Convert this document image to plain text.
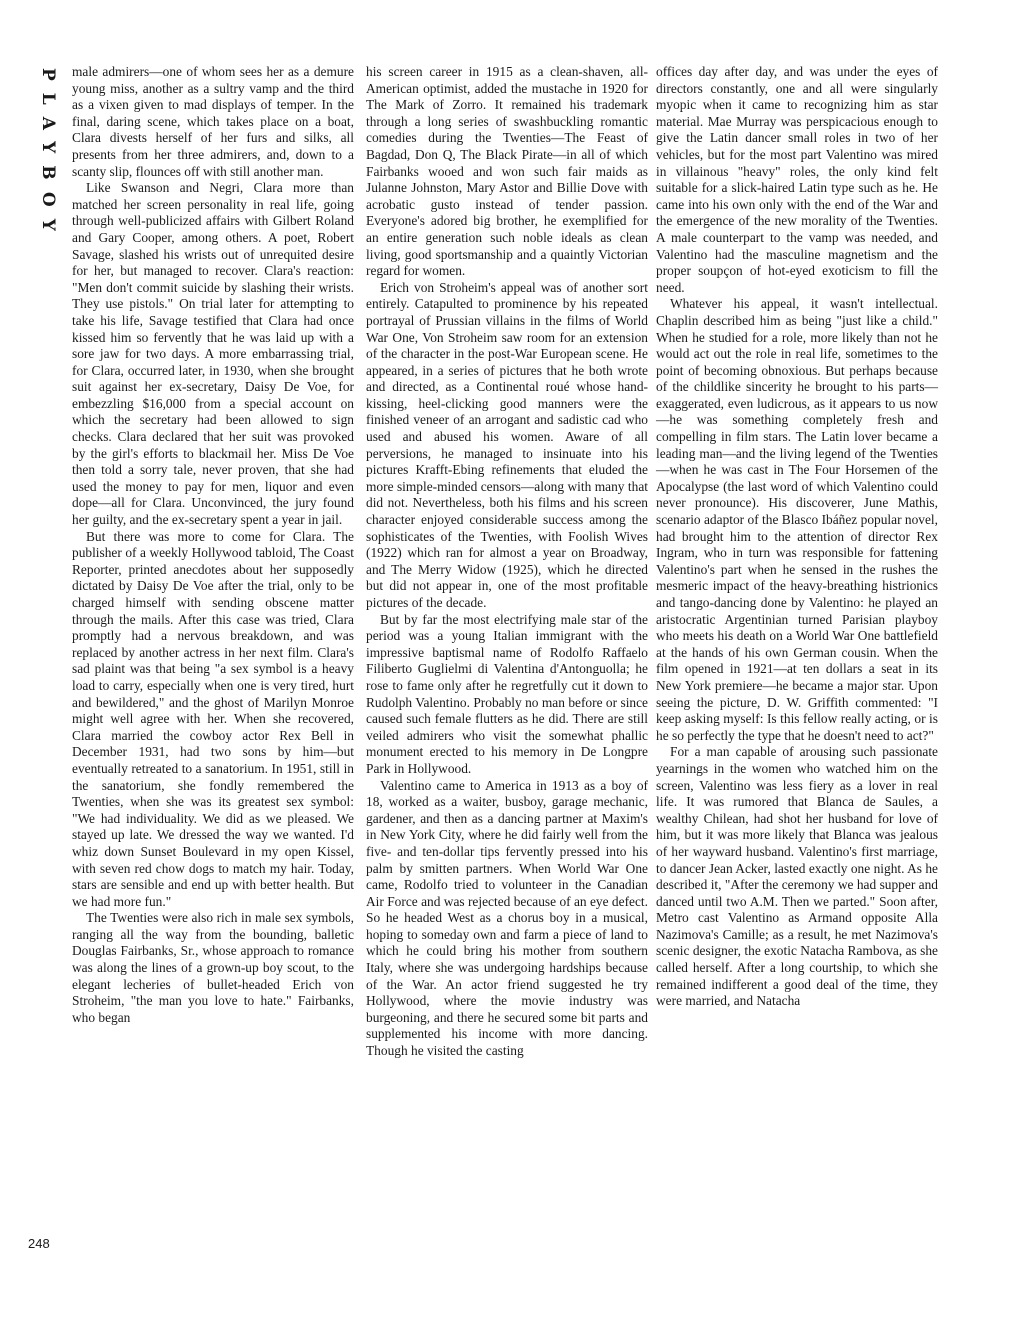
PLAYBOY male admirers—one of whom sees her as a demure young miss, another as a sultry vamp and the third as a vixen given to mad displays of temper. In the final, daring scene, which takes place on a boat, Clara divests herself of her furs and silks, all presents from her three admirers, and, down to a scanty slip, flounces off with still another man.

Like Swanson and Negri, Clara more than matched her screen personality in real life, going through well-publicized affairs with Gilbert Roland and Gary Cooper, among others. A poet, Robert Savage, slashed his wrists out of unrequited desire for her, but managed to recover. Clara's reaction: "Men don't commit suicide by slashing their wrists. They use pistols." On trial later for attempting to take his life, Savage testified that Clara had once kissed him so fervently that he was laid up with a sore jaw for two days. A more embarrassing trial, for Clara, occurred later, in 1930, when she brought suit against her ex-secretary, Daisy De Voe, for embezzling $16,000 from a special account on which the secretary had been allowed to sign checks. Clara declared that her suit was provoked by the girl's efforts to blackmail her. Miss De Voe then told a sorry tale, never proven, that she had used the money to pay for men, liquor and even dope—all for Clara. Unconvinced, the jury found her guilty, and the ex-secretary spent a year in jail.

But there was more to come for Clara. The publisher of a weekly Hollywood tabloid, The Coast Reporter, printed anecdotes about her supposedly dictated by Daisy De Voe after the trial, only to be charged himself with sending obscene matter through the mails. After this case was tried, Clara promptly had a nervous breakdown, and was replaced by another actress in her next film. Clara's sad plaint was that being "a sex symbol is a heavy load to carry, especially when one is very tired, hurt and bewildered," and the ghost of Marilyn Monroe might well agree with her. When she recovered, Clara married the cowboy actor Rex Bell in December 1931, had two sons by him—but eventually retreated to a sanatorium. In 1951, still in the sanatorium, she fondly remembered the Twenties, when she was its greatest sex symbol: "We had individuality. We did as we pleased. We stayed up late. We dressed the way we wanted. I'd whiz down Sunset Boulevard in my open Kissel, with seven red chow dogs to match my hair. Today, stars are sensible and end up with better health. But we had more fun."

The Twenties were also rich in male sex symbols, ranging all the way from the bounding, balletic Douglas Fairbanks, Sr., whose approach to romance was along the lines of a grown-up boy scout, to the elegant lecheries of bullet-headed Erich von Stroheim, "the man you love to hate." Fairbanks, who began

his screen career in 1915 as a clean-shaven, all-American optimist, added the mustache in 1920 for The Mark of Zorro. It remained his trademark through a long series of swashbuckling romantic comedies during the Twenties—The Feast of Bagdad, Don Q, The Black Pirate—in all of which Fairbanks wooed and won such fair maids as Julanne Johnston, Mary Astor and Billie Dove with acrobatic gusto instead of tender passion. Everyone's adored big brother, he exemplified for an entire generation such noble ideals as clean living, good sportsmanship and a quaintly Victorian regard for women.

Erich von Stroheim's appeal was of another sort entirely. Catapulted to prominence by his repeated portrayal of Prussian villains in the films of World War One, Von Stroheim saw room for an extension of the character in the post-War European scene. He appeared, in a series of pictures that he both wrote and directed, as a Continental roué whose hand-kissing, heel-clicking good manners were the finished veneer of an arrogant and sadistic cad who used and abused his women. Aware of all perversions, he managed to insinuate into his pictures Krafft-Ebing refinements that eluded the more simple-minded censors—along with many that did not. Nevertheless, both his films and his screen character enjoyed considerable success among the sophisticates of the Twenties, with Foolish Wives (1922) which ran for almost a year on Broadway, and The Merry Widow (1925), which he directed but did not appear in, one of the most profitable pictures of the decade.

But by far the most electrifying male star of the period was a young Italian immigrant with the impressive baptismal name of Rodolfo Raffaelo Filiberto Guglielmi di Valentina d'Antonguolla; he rose to fame only after he regretfully cut it down to Rudolph Valentino. Probably no man before or since caused such female flutters as he did. There are still veiled admirers who visit the somewhat phallic monument erected to his memory in De Longpre Park in Hollywood.

Valentino came to America in 1913 as a boy of 18, worked as a waiter, busboy, garage mechanic, gardener, and then as a dancing partner at Maxim's in New York City, where he did fairly well from the five- and ten-dollar tips fervently pressed into his palm by smitten partners. When World War One came, Rodolfo tried to volunteer in the Canadian Air Force and was rejected because of an eye defect. So he headed West as a chorus boy in a musical, hoping to someday own and farm a piece of land to which he could bring his mother from southern Italy, where she was undergoing hardships because of the War. An actor friend suggested he try Hollywood, where the movie industry was burgeoning, and there he secured some bit parts and supplemented his income with more dancing. Though he visited the casting

offices day after day, and was under the eyes of directors constantly, one and all were singularly myopic when it came to recognizing him as star material. Mae Murray was perspicacious enough to give the Latin dancer small roles in two of her vehicles, but for the most part Valentino was mired in villainous "heavy" roles, the only kind felt suitable for a slick-haired Latin type such as he. He came into his own only with the end of the War and the emergence of the new morality of the Twenties. A male counterpart to the vamp was needed, and Valentino had the masculine magnetism and the proper soupçon of hot-eyed exoticism to fill the need.

Whatever his appeal, it wasn't intellectual. Chaplin described him as being "just like a child." When he studied for a role, more likely than not he would act out the role in real life, sometimes to the point of becoming obnoxious. But perhaps because of the childlike sincerity he brought to his parts—exaggerated, even ludicrous, as it appears to us now—he was something completely fresh and compelling in film stars. The Latin lover became a leading man—and the living legend of the Twenties—when he was cast in The Four Horsemen of the Apocalypse (the last word of which Valentino could never pronounce). His discoverer, June Mathis, scenario adaptor of the Blasco Ibáñez popular novel, had brought him to the attention of director Rex Ingram, who in turn was responsible for fattening Valentino's part when he sensed in the rushes the mesmeric impact of the heavy-breathing histrionics and tango-dancing done by Valentino: he played an aristocratic Argentinian turned Parisian playboy who meets his death on a World War One battlefield at the hands of his own German cousin. When the film opened in 1921—at ten dollars a seat in its New York premiere—he became a major star. Upon seeing the picture, D. W. Griffith commented: "I keep asking myself: Is this fellow really acting, or is he so perfectly the type that he doesn't need to act?"

For a man capable of arousing such passionate yearnings in the women who watched him on the screen, Valentino was less fiery as a lover in real life. It was rumored that Blanca de Saules, a wealthy Chilean, had shot her husband for love of him, but it was more likely that Blanca was jealous of her wayward husband. Valentino's first marriage, to dancer Jean Acker, lasted exactly one night. As he described it, "After the ceremony we had supper and danced until two A.M. Then we parted." Soon after, Metro cast Valentino as Armand opposite Alla Nazimova's Camille; as a result, he met Nazimova's scenic designer, the exotic Natacha Rambova, as she called herself. After a long courtship, to which she remained indifferent a good deal of the time, they were married, and Natacha

248
